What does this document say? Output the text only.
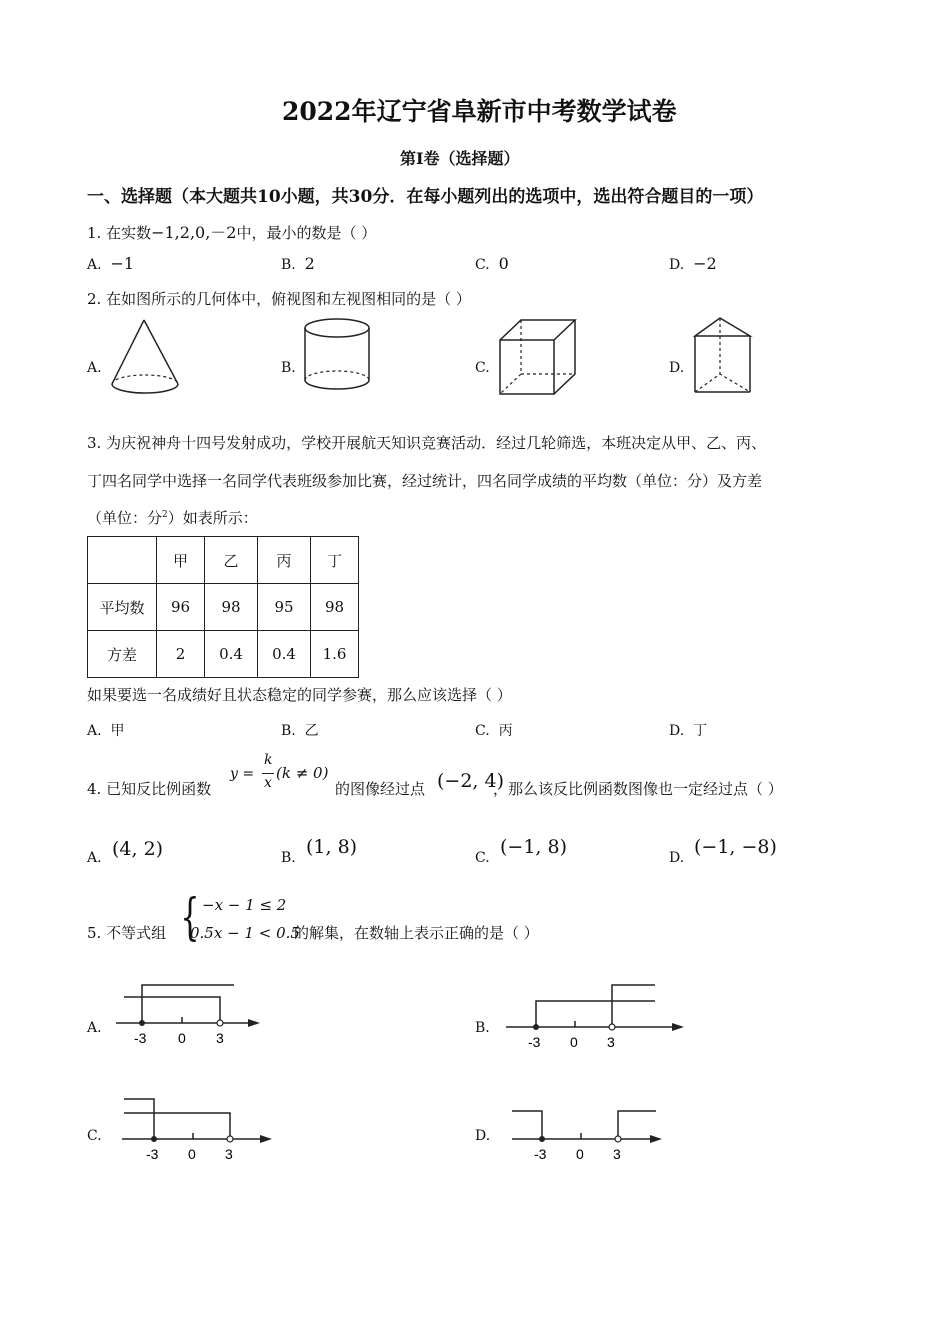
2022年辽宁省阜新市中考数学试卷
第Ⅰ卷（选择题）
一、选择题（本大题共10小题，共30分．在每小题列出的选项中，选出符合题目的一项）
1. 在实数−1,2,0,－2中，最小的数是（ ）
A. −1	B. 2	C. 0	D. −2
2. 在如图所示的几何体中，俯视图和左视图相同的是（ ）
A.	B.	C.	D.
3. 为庆祝神舟十四号发射成功，学校开展航天知识竞赛活动．经过几轮筛选，本班决定从甲、乙、丙、
丁四名同学中选择一名同学代表班级参加比赛，经过统计，四名同学成绩的平均数（单位：分）及方差
（单位：分$^2$）如表所示：
	甲	乙	丙	丁
平均数	96	98	95	98
方差	2	0.4	0.4	1.6
如果要选一名成绩好且状态稳定的同学参赛，那么应该选择（ ）
A. 甲	B. 乙	C. 丙	D. 丁
4. 已知反比例函数
y =
k
x
(k ≠ 0)
的图像经过点 (−2, 4)
，那么该反比例函数图像也一定经过点（ ）
A. (4, 2)	B. (1, 8)	C. (−1, 8)	D. (−1, −8)
5. 不等式组 { −x − 1 ≤ 2
0.5x − 1 < 0.5
的解集，在数轴上表示正确的是（ ）
A.
-3 0 3
B.
-3 0 3
C.
-3 0 3
D.
-3 0 3
